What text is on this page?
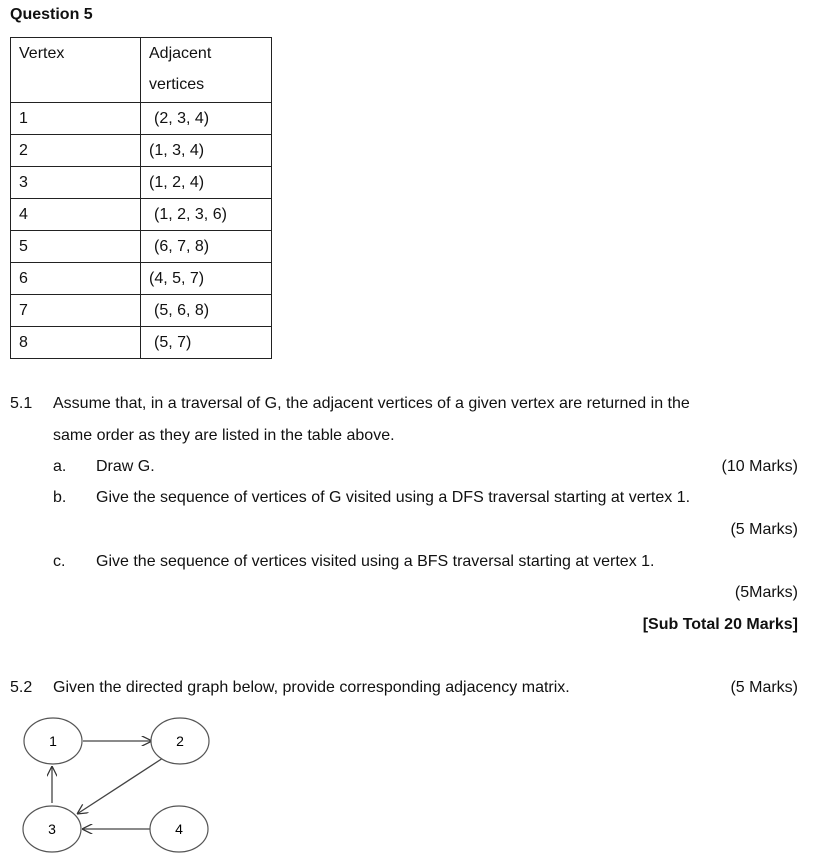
Question 5
Vertex	Adjacent
vertices
1	(2, 3, 4)
2	(1, 3, 4)
3	(1, 2, 4)
4	(1, 2, 3, 6)
5	(6, 7, 8)
6	(4, 5, 7)
7	(5, 6, 8)
8	(5, 7)
5.1 Assume that, in a traversal of G, the adjacent vertices of a given vertex are returned in the
same order as they are listed in the table above.
a. Draw G.	(10 Marks)
b. Give the sequence of vertices of G visited using a DFS traversal starting at vertex 1.
(5 Marks)
c. Give the sequence of vertices visited using a BFS traversal starting at vertex 1.
(5Marks)
[Sub Total 20 Marks]
5.2 Given the directed graph below, provide corresponding adjacency matrix.	(5 Marks)
1	2
3	4
